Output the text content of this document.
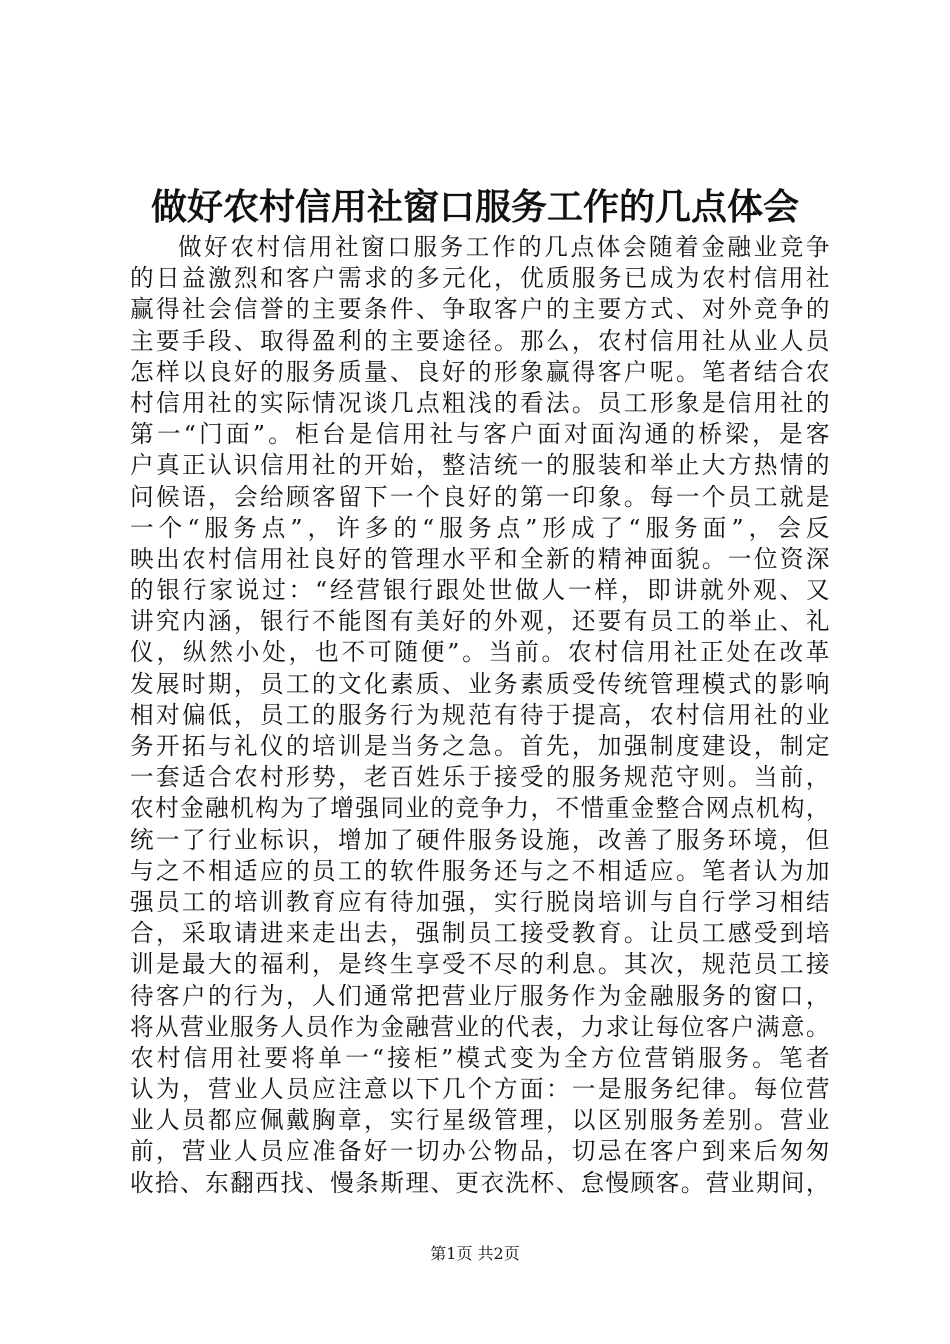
做好农村信用社窗口服务工作的几点体会
做好农村信用社窗口服务工作的几点体会随着金融业竞争
的日益激烈和客户需求的多元化，优质服务已成为农村信用社
赢得社会信誉的主要条件、争取客户的主要方式、对外竞争的
主要手段、取得盈利的主要途径。那么，农村信用社从业人员
怎样以良好的服务质量、良好的形象赢得客户呢。笔者结合农
村信用社的实际情况谈几点粗浅的看法。员工形象是信用社的
第一“门面”。柜台是信用社与客户面对面沟通的桥梁，是客
户真正认识信用社的开始，整洁统一的服装和举止大方热情的
问候语，会给顾客留下一个良好的第一印象。每一个员工就是
一个“服务点”，许多的“服务点”形成了“服务面”，会反
映出农村信用社良好的管理水平和全新的精神面貌。一位资深
的银行家说过：“经营银行跟处世做人一样，即讲就外观、又
讲究内涵，银行不能图有美好的外观，还要有员工的举止、礼
仪，纵然小处，也不可随便”。当前。农村信用社正处在改革
发展时期，员工的文化素质、业务素质受传统管理模式的影响
相对偏低，员工的服务行为规范有待于提高，农村信用社的业
务开拓与礼仪的培训是当务之急。首先，加强制度建设，制定
一套适合农村形势，老百姓乐于接受的服务规范守则。当前，
农村金融机构为了增强同业的竞争力，不惜重金整合网点机构，
统一了行业标识，增加了硬件服务设施，改善了服务环境，但
与之不相适应的员工的软件服务还与之不相适应。笔者认为加
强员工的培训教育应有待加强，实行脱岗培训与自行学习相结
合，采取请进来走出去，强制员工接受教育。让员工感受到培
训是最大的福利，是终生享受不尽的利息。其次，规范员工接
待客户的行为，人们通常把营业厅服务作为金融服务的窗口，
将从营业服务人员作为金融营业的代表，力求让每位客户满意。
农村信用社要将单一“接柜”模式变为全方位营销服务。笔者
认为，营业人员应注意以下几个方面：一是服务纪律。每位营
业人员都应佩戴胸章，实行星级管理，以区别服务差别。营业
前，营业人员应准备好一切办公物品，切忌在客户到来后匆匆
收拾、东翻西找、慢条斯理、更衣洗杯、怠慢顾客。营业期间，
第1页 共2页
